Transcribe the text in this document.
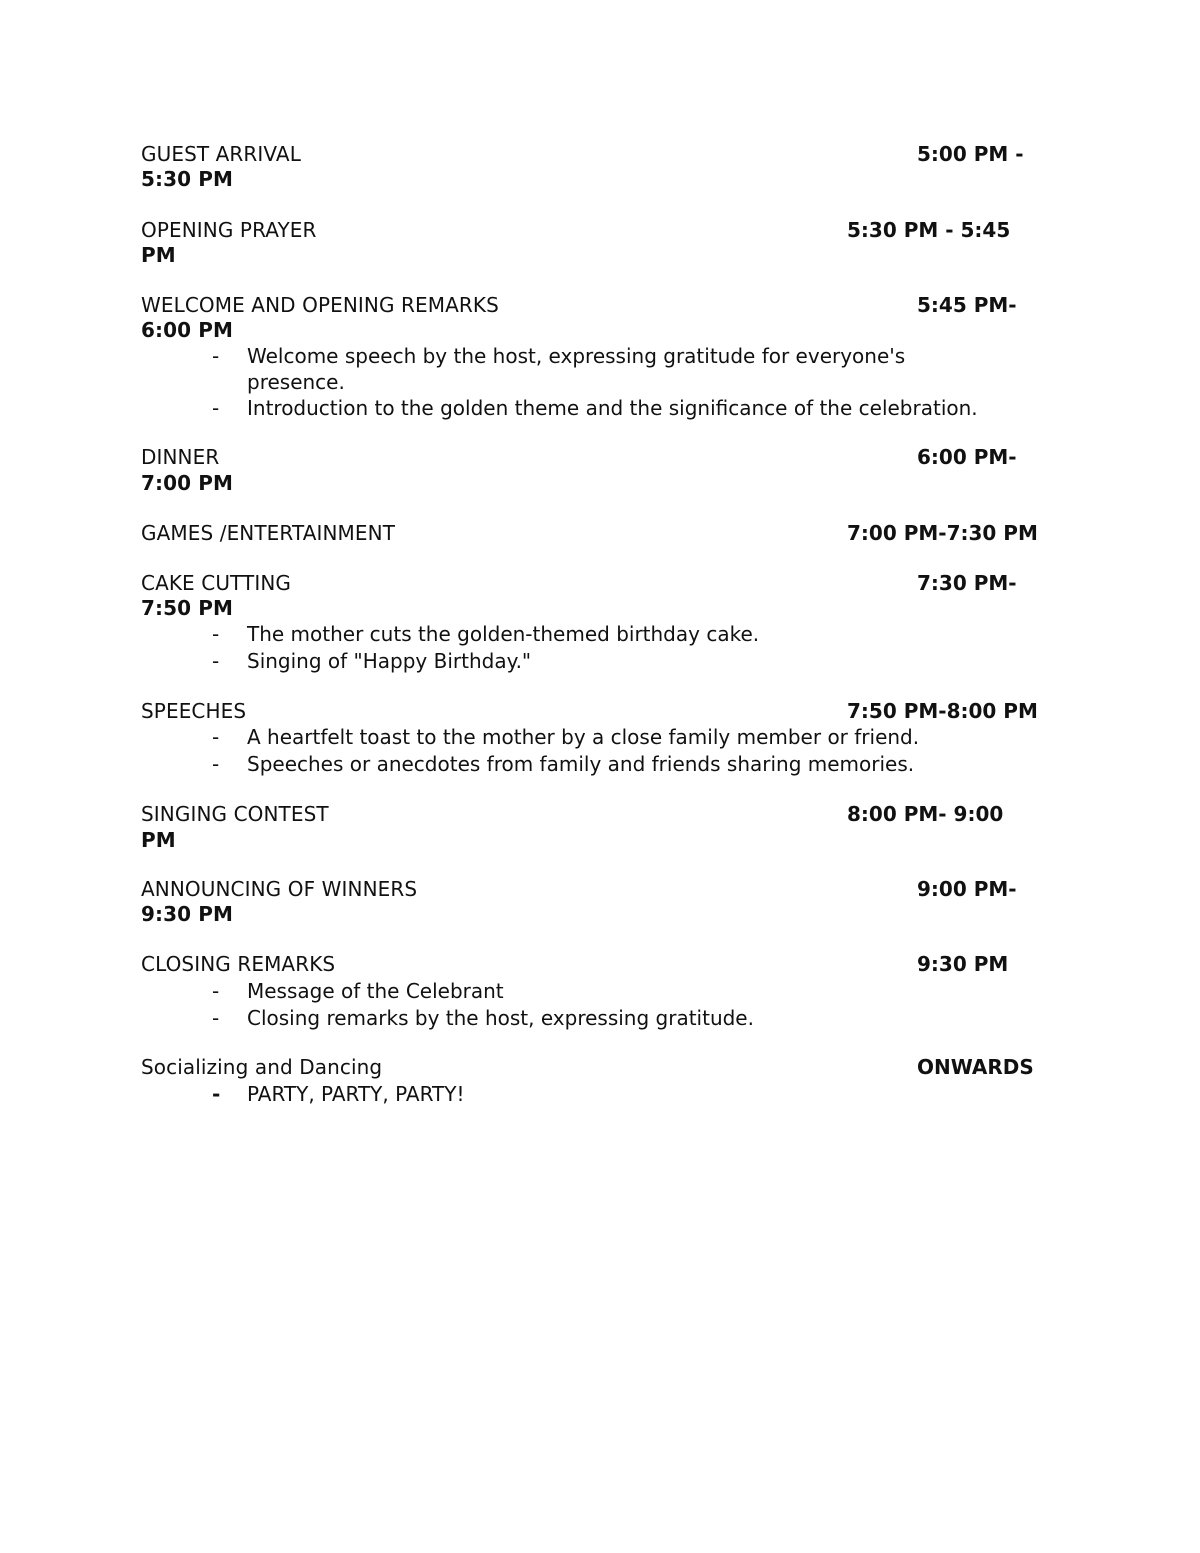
GUEST ARRIVAL	5:00 PM -
5:30 PM
OPENING PRAYER	5:30 PM - 5:45
PM
WELCOME AND OPENING REMARKS	5:45 PM-
6:00 PM
- Welcome speech by the host, expressing gratitude for everyone's
presence.
- Introduction to the golden theme and the significance of the celebration.
DINNER	6:00 PM-
7:00 PM
GAMES /ENTERTAINMENT	7:00 PM-7:30 PM
CAKE CUTTING	7:30 PM-
7:50 PM
- The mother cuts the golden-themed birthday cake.
- Singing of "Happy Birthday."
SPEECHES	7:50 PM-8:00 PM
- A heartfelt toast to the mother by a close family member or friend.
- Speeches or anecdotes from family and friends sharing memories.
SINGING CONTEST	8:00 PM- 9:00
PM
ANNOUNCING OF WINNERS	9:00 PM-
9:30 PM
CLOSING REMARKS	9:30 PM
- Message of the Celebrant
- Closing remarks by the host, expressing gratitude.
Socializing and Dancing	ONWARDS
- PARTY, PARTY, PARTY!
